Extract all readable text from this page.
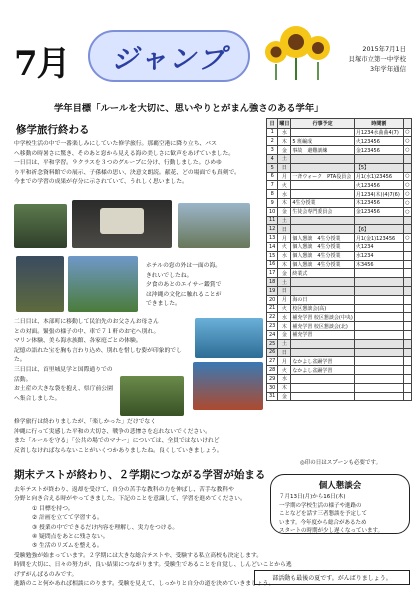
7月 ジャンプ	2015年7月1日
貝塚市立第一中学校
3年学年通信
学年目標「ルールを大切に、思いやりとがまん強さのある学年」
修学旅行終わる
中学校生活の中で一番楽しみにしていた修学旅行。那覇空港に降り立ち、バス
へ移動の時暑さに驚き、そのあと窓から見える海の美しさに歓声をあげていました。
一日目は、平和学習。９クラスを３つのグループに分け、行動しました。ひめゆ
り平和祈念資料館での展示、子孫様の思い、決意文朗読。献花、どの場面でも真剣で。
今までの学習の成果が存分に示されていて、うれしく思いました。
ホテルの窓の外は一面の海。
きれいでしたね。
夕食のあとのエイサー鑑賞で
は沖縄の文化に触れることが
できました。
二日目は、本部町に移動して民泊先のお父さんお母さん
との対面。緊張の様子の中、車で７１軒のお宅へ別れ。
マリン体験、美ら海水族館、各家庭ごとの体験。
記憶の語れた宝を胸も言わり込め、別れを惜しむ姿が印象的でした。
三日目は、首里城見学と国際通りでの活動。
お土産の大きな袋を抱え、県庁前公園へ集合しました。
修学旅行は終わりましたが、「楽しかった」だけでなく
沖縄に行って実感した平和の大切さ、戦争の悲惨さを忘れないでください。
また「ルールを守る」「公共の場でのマナー」については、全員ではないけれど
反省しなければならないことがいくつかありましたね。良くしていきましょう。
期末テストが終わり、２学期につながる学習が始まる
去年テストが終わり、返却を受けて、自分の苦手な教科の力を伸ばし、苦手な教科や
分野と向き合える時がやってきました。下記のことを意識して、学習を進めてください。
① 目標を持つ。
② 計画を立てて学習する。
③ 授業の中でできるだけ内容を理解し、実力をつける。
④ 疑問点をあとに残さない。
⑤ 生活のリズムを整える。
受験勉強が始まっています。２学期には大きな総合テストや、受験する私立高校も決定します。
時間を大切に、日々の努力が、良い結果につながります。受験生であることを自覚し、しんどいことから逃げずがんばるのみです。
進路のこと何かあれば相談にのります。受験を見えて、しっかりと自分の道を決めていきましょう。
個人懇談会
７月13日(月)から16日(木)
一学期の学校生活の様子や進路の
ことなどを話す三者懇談を予定して
います。今年度から総合があるため
スタートの時期が少し遅くなっています。
部活動も最後の夏です。がんばりましょう。
日	曜日	行事予定	時間割	
1	水		月1234水曲曲4(7)	○
2	木	5 班編成	火123456	○
3	金	事故　避難訓練	金123456	○
4	土			
5	日		【5】	
6	月	一斉ウォーク　PTA役員会	月1(水1)23456	○
7	火		火123456	○
8	水		月1234(木)(4)7(6)	○
9	木	4生分授業	木123456	○
10	金	生徒会専門委員会	金123456	○
11	土			
12	日		【6】	
13	月	個人懇談　4生分授業	月1(金1)123456	○
14	火	個人懇談　4生分授業	火1234	
15	水	個人懇談　4生分授業	水1234	
16	木	個人懇談　4生分授業	木3456	
17	金	終業式		
18	土			
19	日			
20	月	海の日		
21	火	校区懇談会(高)		
22	水	補充学習 校区懇談会(中央)		
23	木	補充学習 校区懇談会(北)		
24	金	補充学習		
25	土			
26	日			
27	月	なかよし盆踊学習		
28	火	なかよし盆踊学習		
29	水			
30	木			
31	金			
◎印の日はスプーンも必要です。
